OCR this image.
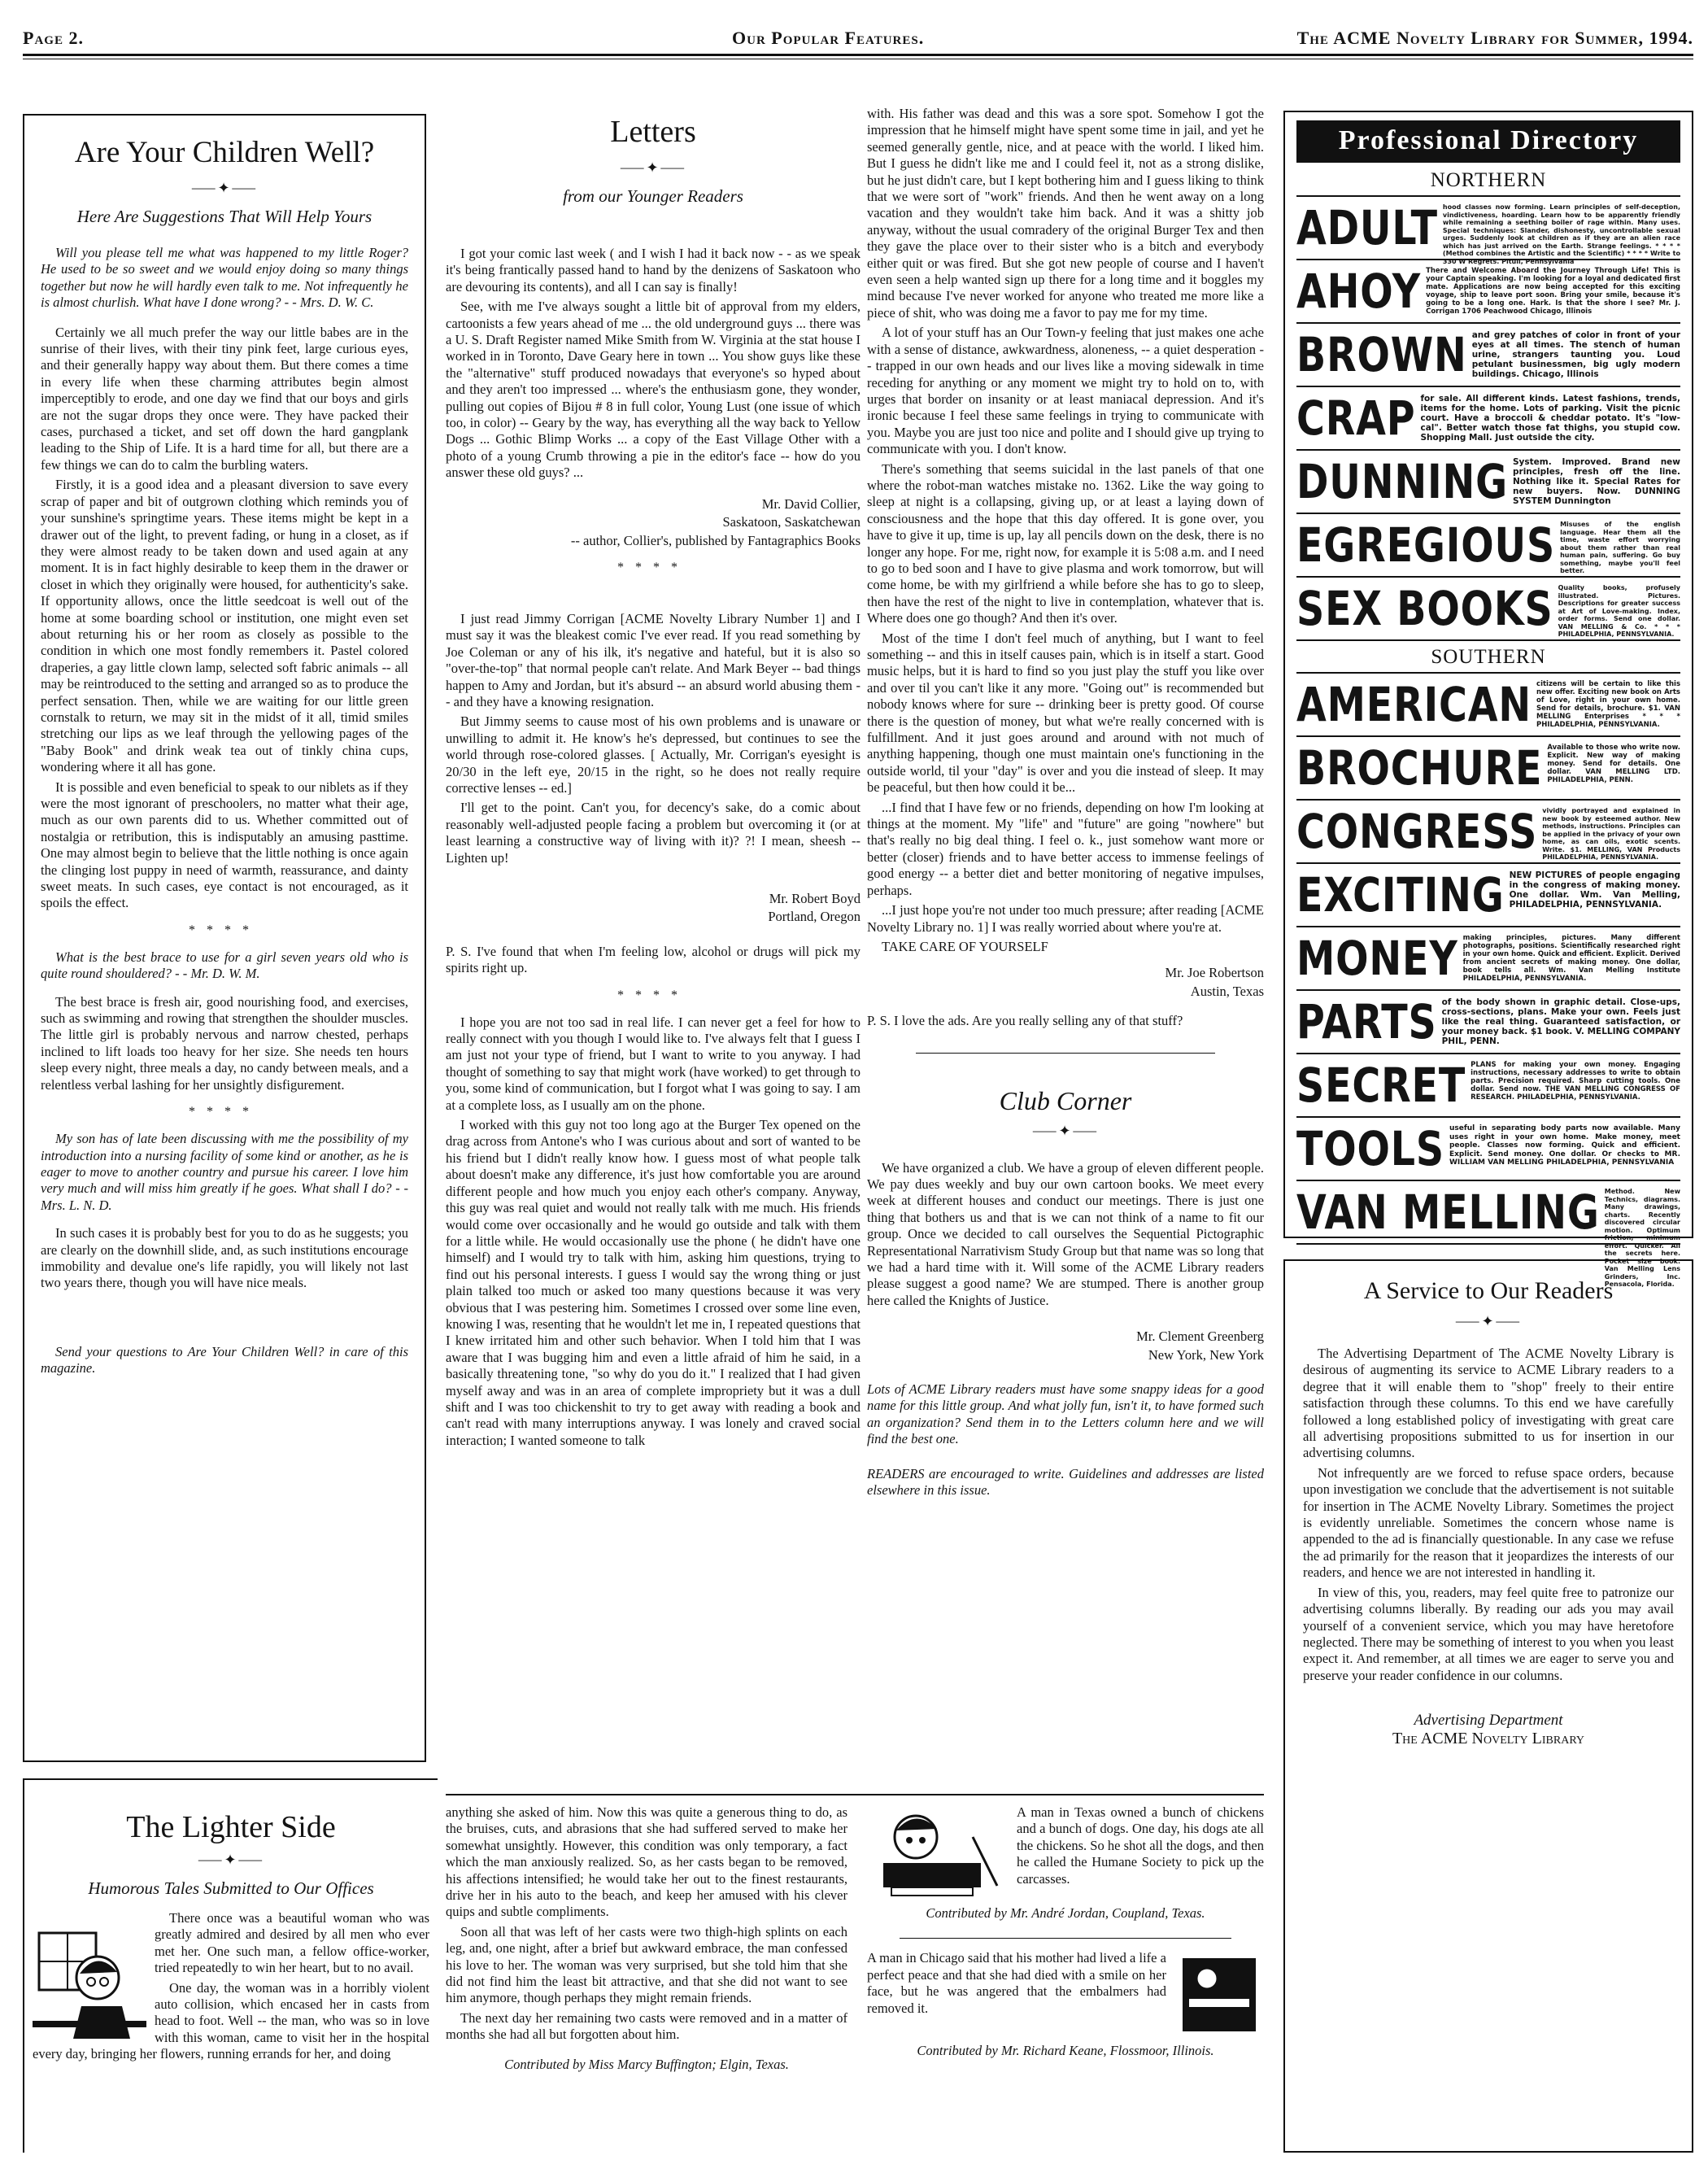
Page 2.	Our Popular Features.	The ACME Novelty Library for Summer, 1994.
Are Your Children Well?
⸺✦⸺
Here Are Suggestions That Will Help Yours

Will you please tell me what was happened to my little Roger? He used to be so sweet and we would enjoy doing so many things together but now he will hardly even talk to me. Not infrequently he is almost churlish. What have I done wrong? - - Mrs. D. W. C.

Certainly we all much prefer the way our little babes are in the sunrise of their lives, with their tiny pink feet, large curious eyes, and their generally happy way about them. But there comes a time in every life when these charming attributes begin almost imperceptibly to erode, and one day we find that our boys and girls are not the sugar drops they once were. They have packed their cases, purchased a ticket, and set off down the hard gangplank leading to the Ship of Life. It is a hard time for all, but there are a few things we can do to calm the burbling waters.

Firstly, it is a good idea and a pleasant diversion to save every scrap of paper and bit of outgrown clothing which reminds you of your sunshine's springtime years. These items might be kept in a drawer out of the light, to prevent fading, or hung in a closet, as if they were almost ready to be taken down and used again at any moment. It is in fact highly desirable to keep them in the drawer or closet in which they originally were housed, for authenticity's sake. If opportunity allows, once the little seedcoat is well out of the home at some boarding school or institution, one might even set about returning his or her room as closely as possible to the condition in which one most fondly remembers it. Pastel colored draperies, a gay little clown lamp, selected soft fabric animals -- all may be reintroduced to the setting and arranged so as to produce the perfect sensation. Then, while we are waiting for our little green cornstalk to return, we may sit in the midst of it all, timid smiles stretching our lips as we leaf through the yellowing pages of the "Baby Book" and drink weak tea out of tinkly china cups, wondering where it all has gone.

It is possible and even beneficial to speak to our niblets as if they were the most ignorant of preschoolers, no matter what their age, much as our own parents did to us. Whether committed out of nostalgia or retribution, this is indisputably an amusing pasttime. One may almost begin to believe that the little nothing is once again the clinging lost puppy in need of warmth, reassurance, and dainty sweet meats. In such cases, eye contact is not encouraged, as it spoils the effect.

****

What is the best brace to use for a girl seven years old who is quite round shouldered? - - Mr. D. W. M.

The best brace is fresh air, good nourishing food, and exercises, such as swimming and rowing that strengthen the shoulder muscles. The little girl is probably nervous and narrow chested, perhaps inclined to lift loads too heavy for her size. She needs ten hours sleep every night, three meals a day, no candy between meals, and a relentless verbal lashing for her unsightly disfigurement.

****

My son has of late been discussing with me the possibility of my introduction into a nursing facility of some kind or another, as he is eager to move to another country and pursue his career. I love him very much and will miss him greatly if he goes. What shall I do? - - Mrs. L. N. D.

In such cases it is probably best for you to do as he suggests; you are clearly on the downhill slide, and, as such institutions encourage immobility and devalue one's life rapidly, you will likely not last two years there, though you will have nice meals.

Send your questions to Are Your Children Well? in care of this magazine.

Letters
⸺✦⸺
from our Younger Readers

I got your comic last week ( and I wish I had it back now - - as we speak it's being frantically passed hand to hand by the denizens of Saskatoon who are devouring its contents), and all I can say is finally!

See, with me I've always sought a little bit of approval from my elders, cartoonists a few years ahead of me ... the old underground guys ... there was a U. S. Draft Register named Mike Smith from W. Virginia at the stat house I worked in in Toronto, Dave Geary here in town ... You show guys like these the "alternative" stuff produced nowadays that everyone's so hyped about and they aren't too impressed ... where's the enthusiasm gone, they wonder, pulling out copies of Bijou # 8 in full color, Young Lust (one issue of which too, in color) -- Geary by the way, has everything all the way back to Yellow Dogs ... Gothic Blimp Works ... a copy of the East Village Other with a photo of a young Crumb throwing a pie in the editor's face -- how do you answer these old guys? ...

Mr. David Collier,

Saskatoon, Saskatchewan

-- author, Collier's, published by Fantagraphics Books

****

I just read Jimmy Corrigan [ACME Novelty Library Number 1] and I must say it was the bleakest comic I've ever read. If you read something by Joe Coleman or any of his ilk, it's negative and hateful, but it is also so "over-the-top" that normal people can't relate. And Mark Beyer -- bad things happen to Amy and Jordan, but it's absurd -- an absurd world abusing them -- and they have a knowing resignation.

But Jimmy seems to cause most of his own problems and is unaware or unwilling to admit it. He know's he's depressed, but continues to see the world through rose-colored glasses. [ Actually, Mr. Corrigan's eyesight is 20/30 in the left eye, 20/15 in the right, so he does not really require corrective lenses -- ed.]

I'll get to the point. Can't you, for decency's sake, do a comic about reasonably well-adjusted people facing a problem but overcoming it (or at least learning a constructive way of living with it)? ?! I mean, sheesh -- Lighten up!

Mr. Robert Boyd

Portland, Oregon

P. S. I've found that when I'm feeling low, alcohol or drugs will pick my spirits right up.

****

I hope you are not too sad in real life. I can never get a feel for how to really connect with you though I would like to. I've always felt that I guess I am just not your type of friend, but I want to write to you anyway. I had thought of something to say that might work (have worked) to get through to you, some kind of communication, but I forgot what I was going to say. I am at a complete loss, as I usually am on the phone.

I worked with this guy not too long ago at the Burger Tex opened on the drag across from Antone's who I was curious about and sort of wanted to be his friend but I didn't really know how. I guess most of what people talk about doesn't make any difference, it's just how comfortable you are around different people and how much you enjoy each other's company. Anyway, this guy was real quiet and would not really talk with me much. His friends would come over occasionally and he would go outside and talk with them for a little while. He would occasionally use the phone ( he didn't have one himself) and I would try to talk with him, asking him questions, trying to find out his personal interests. I guess I would say the wrong thing or just plain talked too much or asked too many questions because it was very obvious that I was pestering him. Sometimes I crossed over some line even, knowing I was, resenting that he wouldn't let me in, I repeated questions that I knew irritated him and other such behavior. When I told him that I was aware that I was bugging him and even a little afraid of him he said, in a basically threatening tone, "so why do you do it." I realized that I had given myself away and was in an area of complete impropriety but it was a dull shift and I was too chickenshit to try to get away with reading a book and can't read with many interruptions anyway. I was lonely and craved social interaction; I wanted someone to talk

with. His father was dead and this was a sore spot. Somehow I got the impression that he himself might have spent some time in jail, and yet he seemed generally gentle, nice, and at peace with the world. I liked him. But I guess he didn't like me and I could feel it, not as a strong dislike, but he just didn't care, but I kept bothering him and I guess liking to think that we were sort of "work" friends. And then he went away on a long vacation and they wouldn't take him back. And it was a shitty job anyway, without the usual comradery of the original Burger Tex and then they gave the place over to their sister who is a bitch and everybody either quit or was fired. But she got new people of course and I haven't even seen a help wanted sign up there for a long time and it boggles my mind because I've never worked for anyone who treated me more like a piece of shit, who was doing me a favor to pay me for my time.

A lot of your stuff has an Our Town-y feeling that just makes one ache with a sense of distance, awkwardness, aloneness, -- a quiet desperation -- trapped in our own heads and our lives like a moving sidewalk in time receding for anything or any moment we might try to hold on to, with urges that border on insanity or at least maniacal depression. And it's ironic because I feel these same feelings in trying to communicate with you. Maybe you are just too nice and polite and I should give up trying to communicate with you. I don't know.

There's something that seems suicidal in the last panels of that one where the robot-man watches mistake no. 1362. Like the way going to sleep at night is a collapsing, giving up, or at least a laying down of consciousness and the hope that this day offered. It is gone over, you have to give it up, time is up, lay all pencils down on the desk, there is no longer any hope. For me, right now, for example it is 5:08 a.m. and I need to go to bed soon and I have to give plasma and work tomorrow, but will come home, be with my girlfriend a while before she has to go to sleep, then have the rest of the night to live in contemplation, whatever that is. Where does one go though? And then it's over.

Most of the time I don't feel much of anything, but I want to feel something -- and this in itself causes pain, which is in itself a start. Good music helps, but it is hard to find so you just play the stuff you like over and over til you can't like it any more. "Going out" is recommended but nobody knows where for sure -- drinking beer is pretty good. Of course there is the question of money, but what we're really concerned with is fulfillment. And it just goes around and around with not much of anything happening, though one must maintain one's functioning in the outside world, til your "day" is over and you die instead of sleep. It may be peaceful, but then how could it be...

...I find that I have few or no friends, depending on how I'm looking at things at the moment. My "life" and "future" are going "nowhere" but that's really no big deal thing. I feel o. k., just somehow want more or better (closer) friends and to have better access to immense feelings of good energy -- a better diet and better monitoring of negative impulses, perhaps.

...I just hope you're not under too much pressure; after reading [ACME Novelty Library no. 1] I was really worried about where you're at.

TAKE CARE OF YOURSELF

Mr. Joe Robertson

Austin, Texas

P. S. I love the ads. Are you really selling any of that stuff?

Club Corner
⸺✦⸺

We have organized a club. We have a group of eleven different people. We pay dues weekly and buy our own cartoon books. We meet every week at different houses and conduct our meetings. There is just one thing that bothers us and that is we can not think of a name to fit our group. Once we decided to call ourselves the Sequential Pictographic Representational Narrativism Study Group but that name was so long that we had a hard time with it. Will some of the ACME Library readers please suggest a good name? We are stumped. There is another group here called the Knights of Justice.

Mr. Clement Greenberg

New York, New York

Lots of ACME Library readers must have some snappy ideas for a good name for this little group. And what jolly fun, isn't it, to have formed such an organization? Send them in to the Letters column here and we will find the best one.

READERS are encouraged to write. Guidelines and addresses are listed elsewhere in this issue.

The Lighter Side
⸺✦⸺
Humorous Tales Submitted to Our Offices

There once was a beautiful woman who was greatly admired and desired by all men who ever met her. One such man, a fellow office-worker, tried repeatedly to win her heart, but to no avail.

One day, the woman was in a horribly violent auto collision, which encased her in casts from head to foot. Well -- the man, who was so in love with this woman, came to visit her in the hospital every day, bringing her flowers, running errands for her, and doing

anything she asked of him. Now this was quite a generous thing to do, as the bruises, cuts, and abrasions that she had suffered served to make her somewhat unsightly. However, this condition was only temporary, a fact which the man anxiously realized. So, as her casts began to be removed, his affections intensified; he would take her out to the finest restaurants, drive her in his auto to the beach, and keep her amused with his clever quips and subtle compliments.

Soon all that was left of her casts were two thigh-high splints on each leg, and, one night, after a brief but awkward embrace, the man confessed his love to her. The woman was very surprised, but she told him that she did not find him the least bit attractive, and that she did not want to see him anymore, though perhaps they might remain friends.

The next day her remaining two casts were removed and in a matter of months she had all but forgotten about him.

Contributed by Miss Marcy Buffington; Elgin, Texas.

A man in Texas owned a bunch of chickens and a bunch of dogs. One day, his dogs ate all the chickens. So he shot all the dogs, and then he called the Humane Society to pick up the carcasses.

Contributed by Mr. André Jordan, Coupland, Texas.

A man in Chicago said that his mother had lived a life a perfect peace and that she had died with a smile on her face, but he was angered that the embalmers had removed it.

Contributed by Mr. Richard Keane, Flossmoor, Illinois.

Professional Directory
NORTHERN
ADULT hood classes now forming. Learn principles of self-deception, vindictiveness, hoarding. Learn how to be apparently friendly while remaining a seething boiler of rage within. Many uses. Special techniques: Slander, dishonesty, uncontrollable sexual urges. Suddenly look at children as if they are an alien race which has just arrived on the Earth. Strange feelings. * * * * (Method combines the Artistic and the Scientific) * * * * Write to 330 W Regrets. Pitull, Pennsylvania
AHOY There and Welcome Aboard the Journey Through Life! This is your Captain speaking. I'm looking for a loyal and dedicated first mate. Applications are now being accepted for this exciting voyage, ship to leave port soon. Bring your smile, because it's going to be a long one. Hark. Is that the shore I see? Mr. J. Corrigan 1706 Peachwood Chicago, Illinois
BROWN and grey patches of color in front of your eyes at all times. The stench of human urine, strangers taunting you. Loud petulant businessmen, big ugly modern buildings. Chicago, Illinois
CRAP for sale. All different kinds. Latest fashions, trends, items for the home. Lots of parking. Visit the picnic court. Have a broccoli & cheddar potato. It's "low-cal". Better watch those fat thighs, you stupid cow. Shopping Mall. Just outside the city.
DUNNING System. Improved. Brand new principles, fresh off the line. Nothing like it. Special Rates for new buyers. Now. DUNNING SYSTEM Dunnington
EGREGIOUS Misuses of the english language. Hear them all the time, waste effort worrying about them rather than real human pain, suffering. Go buy something, maybe you'll feel better.
SEX BOOKS Quality books, profusely illustrated. Pictures. Descriptions for greater success at Art of Love-making. Index, order forms. Send one dollar. VAN MELLING & Co. * * * PHILADELPHIA, PENNSYLVANIA.
SOUTHERN
AMERICAN citizens will be certain to like this new offer. Exciting new book on Arts of Love, right in your own home. Send for details, brochure. $1. VAN MELLING Enterprises * * * PHILADELPHIA, PENNSYLVANIA.
BROCHURE Available to those who write now. Explicit. New way of making money. Send for details. One dollar. VAN MELLING LTD. PHILADELPHIA, PENN.
CONGRESS vividly portrayed and explained in new book by esteemed author. New methods, instructions. Principles can be applied in the privacy of your own home, as can oils, exotic scents. Write. $1. MELLING, VAN Products PHILADELPHIA, PENNSYLVANIA.
EXCITING NEW PICTURES of people engaging in the congress of making money. One dollar. Wm. Van Melling, PHILADELPHIA, PENNSYLVANIA.
MONEY making principles, pictures. Many different photographs, positions. Scientifically researched right in your own home. Quick and efficient. Explicit. Derived from ancient secrets of making money. One dollar, book tells all. Wm. Van Melling Institute PHILADELPHIA, PENNSYLVANIA.
PARTS of the body shown in graphic detail. Close-ups, cross-sections, plans. Make your own. Feels just like the real thing. Guaranteed satisfaction, or your money back. $1 book. V. MELLING COMPANY PHIL, PENN.
SECRET PLANS for making your own money. Engaging instructions, necessary addresses to write to obtain parts. Precision required. Sharp cutting tools. One dollar. Send now. THE VAN MELLING CONGRESS OF RESEARCH. PHILADELPHIA, PENNSYLVANIA.
TOOLS useful in separating body parts now available. Many uses right in your own home. Make money, meet people. Classes now forming. Quick and efficient. Explicit. Send money. One dollar. Or checks to MR. WILLIAM VAN MELLING PHILADELPHIA, PENNSYLVANIA
VAN MELLING Method. New Technics, diagrams. Many drawings, charts. Recently discovered circular motion. Optimum friction, minimum effort. Quicker. All the secrets here. Pocket size book. Van Melling Lens Grinders, Inc. Pensacola, Florida.
A Service to Our Readers
⸺✦⸺

The Advertising Department of The ACME Novelty Library is desirous of augmenting its service to ACME Library readers to a degree that it will enable them to "shop" freely to their entire satisfaction through these columns. To this end we have carefully followed a long established policy of investigating with great care all advertising propositions submitted to us for insertion in our advertising columns.

Not infrequently are we forced to refuse space orders, because upon investigation we conclude that the advertisement is not suitable for insertion in The ACME Novelty Library. Sometimes the project is evidently unreliable. Sometimes the concern whose name is appended to the ad is financially questionable. In any case we refuse the ad primarily for the reason that it jeopardizes the interests of our readers, and hence we are not interested in handling it.

In view of this, you, readers, may feel quite free to patronize our advertising columns liberally. By reading our ads you may avail yourself of a convenient service, which you may have heretofore neglected. There may be something of interest to you when you least expect it. And remember, at all times we are eager to serve you and preserve your reader confidence in our columns.

Advertising Department
The ACME Novelty Library
